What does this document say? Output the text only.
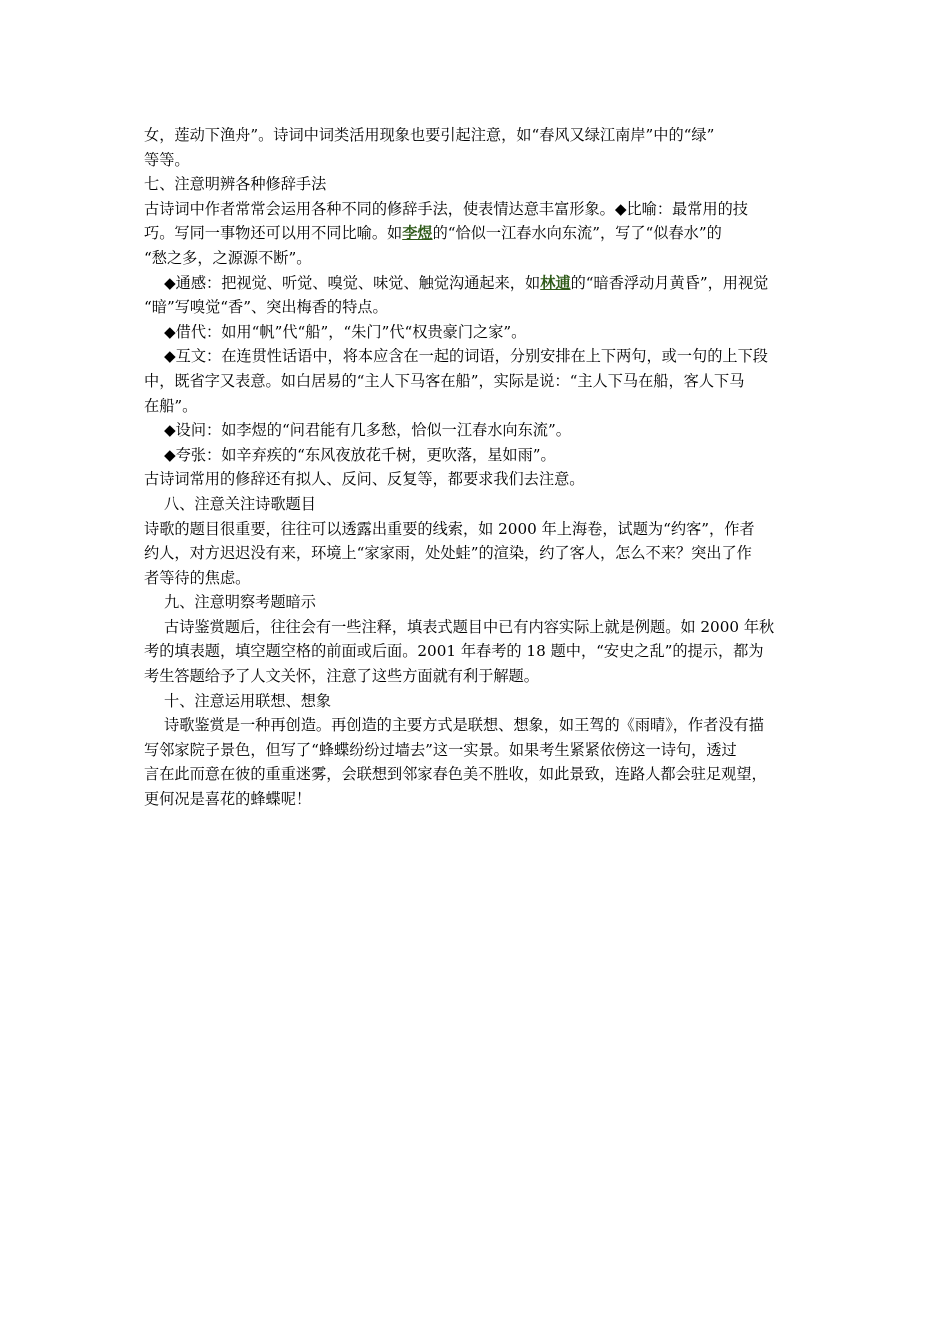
女，莲动下渔舟”。诗词中词类活用现象也要引起注意，如“春风又绿江南岸”中的“绿”
等等。
七、注意明辨各种修辞手法
古诗词中作者常常会运用各种不同的修辞手法，使表情达意丰富形象。◆比喻：最常用的技
巧。写同一事物还可以用不同比喻。如李煜的“恰似一江春水向东流”，写了“似春水”的
“愁之多，之源源不断”。
◆通感：把视觉、听觉、嗅觉、味觉、触觉沟通起来，如林逋的“暗香浮动月黄昏”，用视觉
“暗”写嗅觉“香”、突出梅香的特点。
◆借代：如用“帆”代“船”，“朱门”代“权贵豪门之家”。
◆互文：在连贯性话语中，将本应含在一起的词语，分别安排在上下两句，或一句的上下段
中，既省字又表意。如白居易的“主人下马客在船”，实际是说：“主人下马在船，客人下马
在船”。
◆设问：如李煜的“问君能有几多愁，恰似一江春水向东流”。
◆夸张：如辛弃疾的“东风夜放花千树，更吹落，星如雨”。
古诗词常用的修辞还有拟人、反问、反复等，都要求我们去注意。
八、注意关注诗歌题目
诗歌的题目很重要，往往可以透露出重要的线索，如 2000 年上海卷，试题为“约客”，作者
约人，对方迟迟没有来，环境上“家家雨，处处蛙”的渲染，约了客人，怎么不来？突出了作
者等待的焦虑。
九、注意明察考题暗示
古诗鉴赏题后，往往会有一些注释，填表式题目中已有内容实际上就是例题。如 2000 年秋
考的填表题，填空题空格的前面或后面。2001 年春考的 18 题中，“安史之乱”的提示，都为
考生答题给予了人文关怀，注意了这些方面就有利于解题。
十、注意运用联想、想象
诗歌鉴赏是一种再创造。再创造的主要方式是联想、想象，如王驾的《雨晴》，作者没有描
写邻家院子景色，但写了“蜂蝶纷纷过墙去”这一实景。如果考生紧紧依傍这一诗句，透过
言在此而意在彼的重重迷雾，会联想到邻家春色美不胜收，如此景致，连路人都会驻足观望，
更何况是喜花的蜂蝶呢！
